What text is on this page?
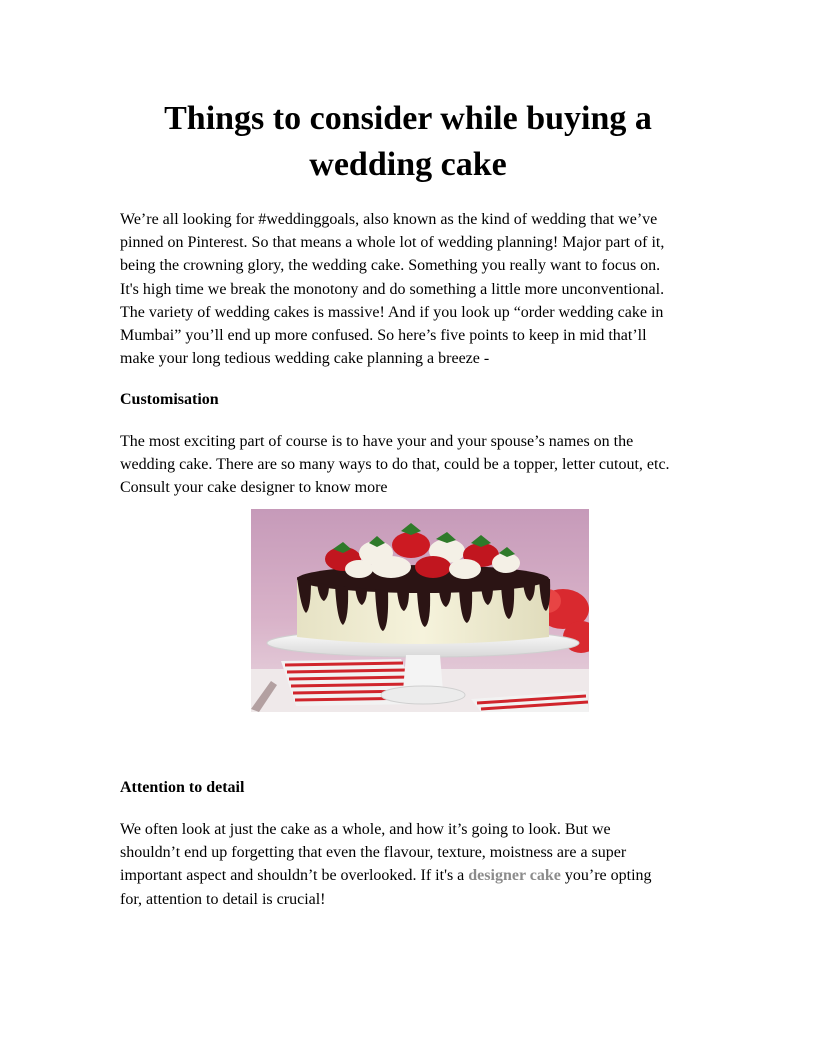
Things to consider while buying a
wedding cake

We’re all looking for #weddinggoals, also known as the kind of wedding that we’ve
pinned on Pinterest. So that means a whole lot of wedding planning! Major part of it,
being the crowning glory, the wedding cake. Something you really want to focus on.
It's high time we break the monotony and do something a little more unconventional.
The variety of wedding cakes is massive! And if you look up “order wedding cake in
Mumbai” you’ll end up more confused. So here’s five points to keep in mid that’ll
make your long tedious wedding cake planning a breeze -

Customisation

The most exciting part of course is to have your and your spouse’s names on the
wedding cake. There are so many ways to do that, could be a topper, letter cutout, etc.
Consult your cake designer to know more

Attention to detail

We often look at just the cake as a whole, and how it’s going to look. But we
shouldn’t end up forgetting that even the flavour, texture, moistness are a super
important aspect and shouldn’t be overlooked. If it's a designer cake you’re opting
for, attention to detail is crucial!
